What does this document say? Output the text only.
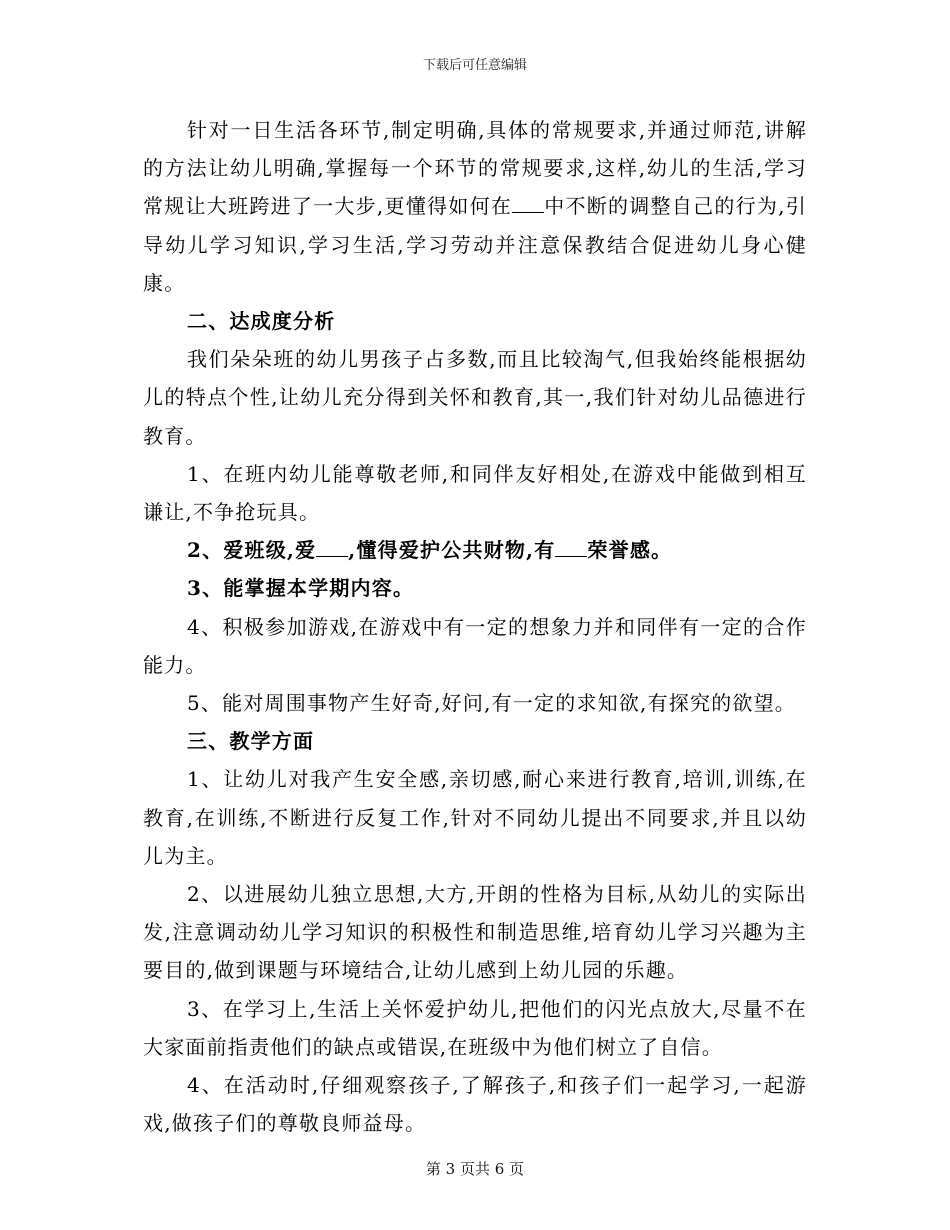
下载后可任意编辑

针对一日生活各环节,制定明确,具体的常规要求,并通过师范,讲解的方法让幼儿明确,掌握每一个环节的常规要求,这样,幼儿的生活,学习常规让大班跨进了一大步,更懂得如何在 中不断的调整自己的行为,引导幼儿学习知识,学习生活,学习劳动并注意保教结合促进幼儿身心健康。

二、达成度分析

我们朵朵班的幼儿男孩子占多数,而且比较淘气,但我始终能根据幼儿的特点个性,让幼儿充分得到关怀和教育,其一,我们针对幼儿品德进行教育。

1、在班内幼儿能尊敬老师,和同伴友好相处,在游戏中能做到相互谦让,不争抢玩具。

2、爱班级,爱 ,懂得爱护公共财物,有 荣誉感。

3、能掌握本学期内容。

4、积极参加游戏,在游戏中有一定的想象力并和同伴有一定的合作能力。

5、能对周围事物产生好奇,好问,有一定的求知欲,有探究的欲望。

三、教学方面

1、让幼儿对我产生安全感,亲切感,耐心来进行教育,培训,训练,在教育,在训练,不断进行反复工作,针对不同幼儿提出不同要求,并且以幼儿为主。

2、以进展幼儿独立思想,大方,开朗的性格为目标,从幼儿的实际出发,注意调动幼儿学习知识的积极性和制造思维,培育幼儿学习兴趣为主要目的,做到课题与环境结合,让幼儿感到上幼儿园的乐趣。

3、在学习上,生活上关怀爱护幼儿,把他们的闪光点放大,尽量不在大家面前指责他们的缺点或错误,在班级中为他们树立了自信。

4、在活动时,仔细观察孩子,了解孩子,和孩子们一起学习,一起游戏,做孩子们的尊敬良师益母。

第 3 页共 6 页
